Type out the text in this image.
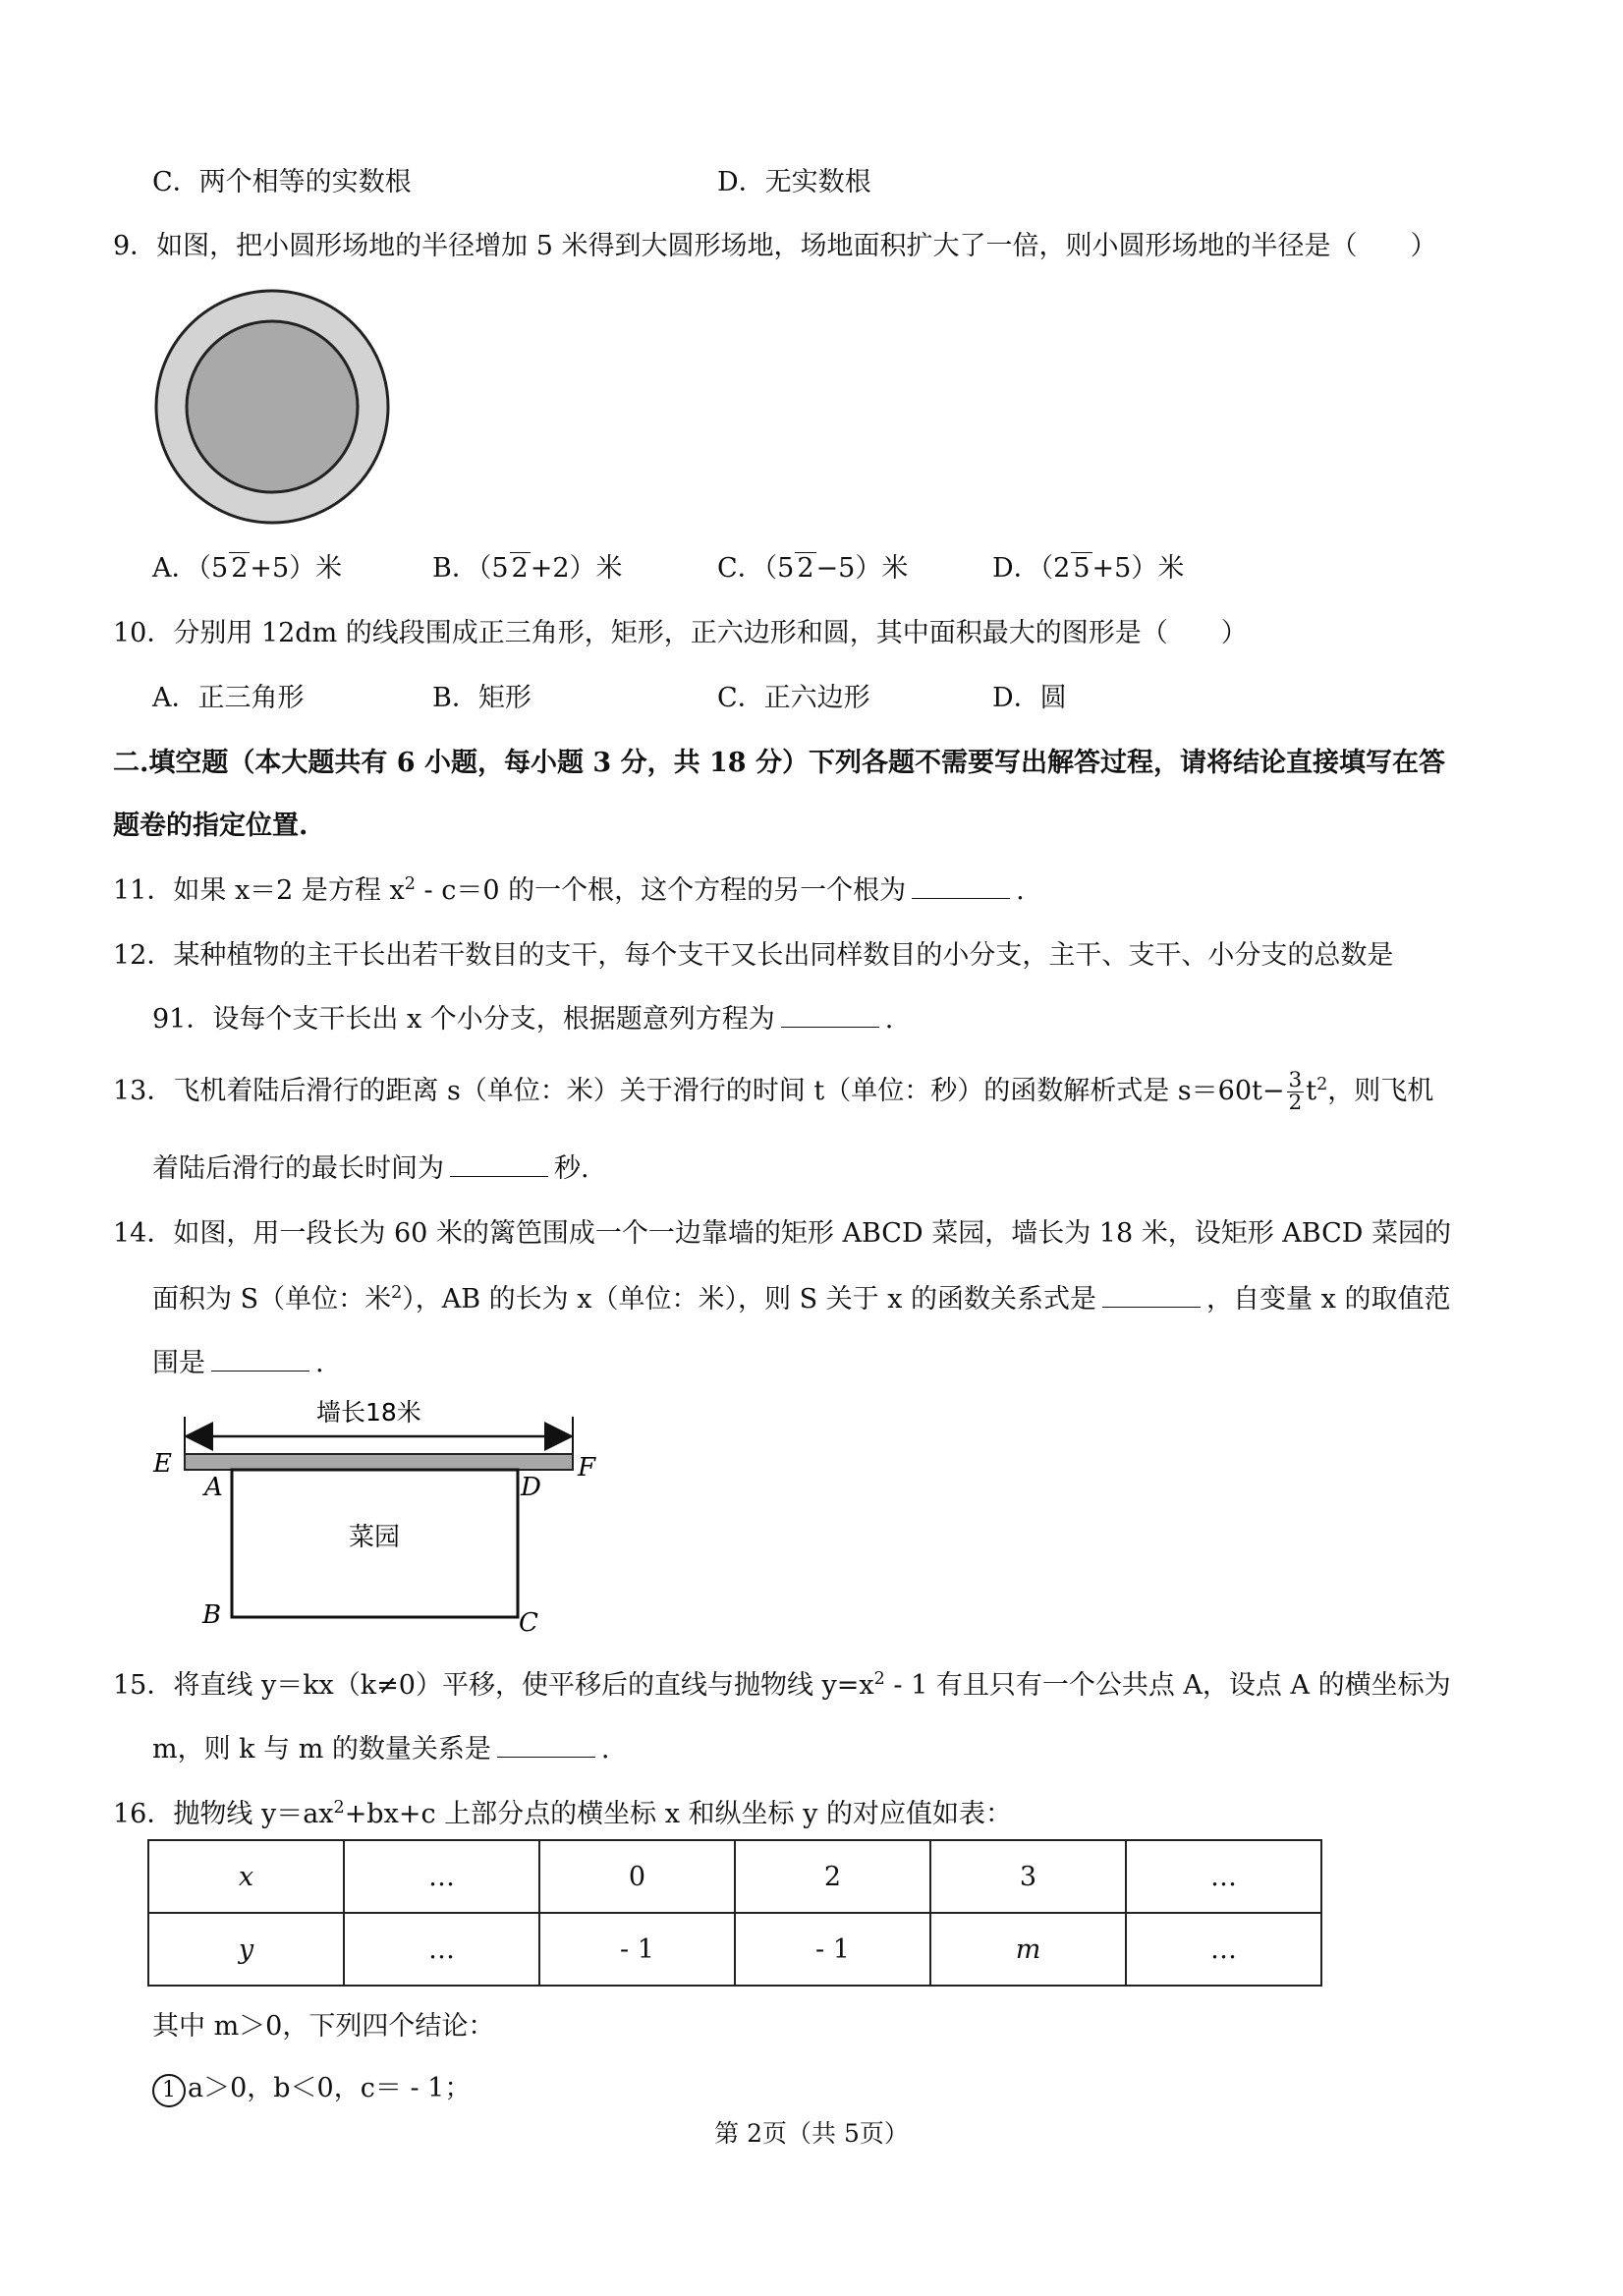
C．两个相等的实数根	D．无实数根
9．如图，把小圆形场地的半径增加 5 米得到大圆形场地，场地面积扩大了一倍，则小圆形场地的半径是（　　）
A．（5 2+5）米	B．（5 2+2）米	C．（5 2−5）米	D．（2 5+5）米
10．分别用 12dm 的线段围成正三角形，矩形，正六边形和圆，其中面积最大的图形是（　　）
A．正三角形	B．矩形	C．正六边形	D．圆
二.填空题（本大题共有 6 小题，每小题 3 分，共 18 分）下列各题不需要写出解答过程，请将结论直接填写在答
题卷的指定位置.
11．如果 x＝2 是方程 $x^2 - c=0$ 的一个根，这个方程的另一个根为	.
12．某种植物的主干长出若干数目的支干，每个支干又长出同样数目的小分支，主干、支干、小分支的总数是
91．设每个支干长出 x 个小分支，根据题意列方程为	.
13．飞机着陆后滑行的距离 s（单位：米）关于滑行的时间 t（单位：秒）的函数解析式是 $s=60t- \frac{3}{2} t^2$，则飞机
着陆后滑行的最长时间为	秒.
14．如图，用一段长为 60 米的篱笆围成一个一边靠墙的矩形 ABCD 菜园，墙长为 18 米，设矩形 ABCD 菜园的
面积为 S（单位：米$^2$），AB 的长为 x（单位：米），则 S 关于 x 的函数关系式是	，自变量 x 的取值范
围是	.
墙长18米
E	F
A	D
B	C
菜园
15．将直线 y＝kx（k≠0）平移，使平移后的直线与抛物线 $y=x^2 - 1$ 有且只有一个公共点 A，设点 A 的横坐标为
m，则 k 与 m 的数量关系是	.
16．抛物线 $y=ax^2+bx+c$ 上部分点的横坐标 x 和纵坐标 y 的对应值如表：
x	…	0	2	3	…
y	…	- 1	- 1	m	…
其中 m＞0，下列四个结论：
1 a＞0，b＜0，c＝ - 1；
第 2页（共 5页）
